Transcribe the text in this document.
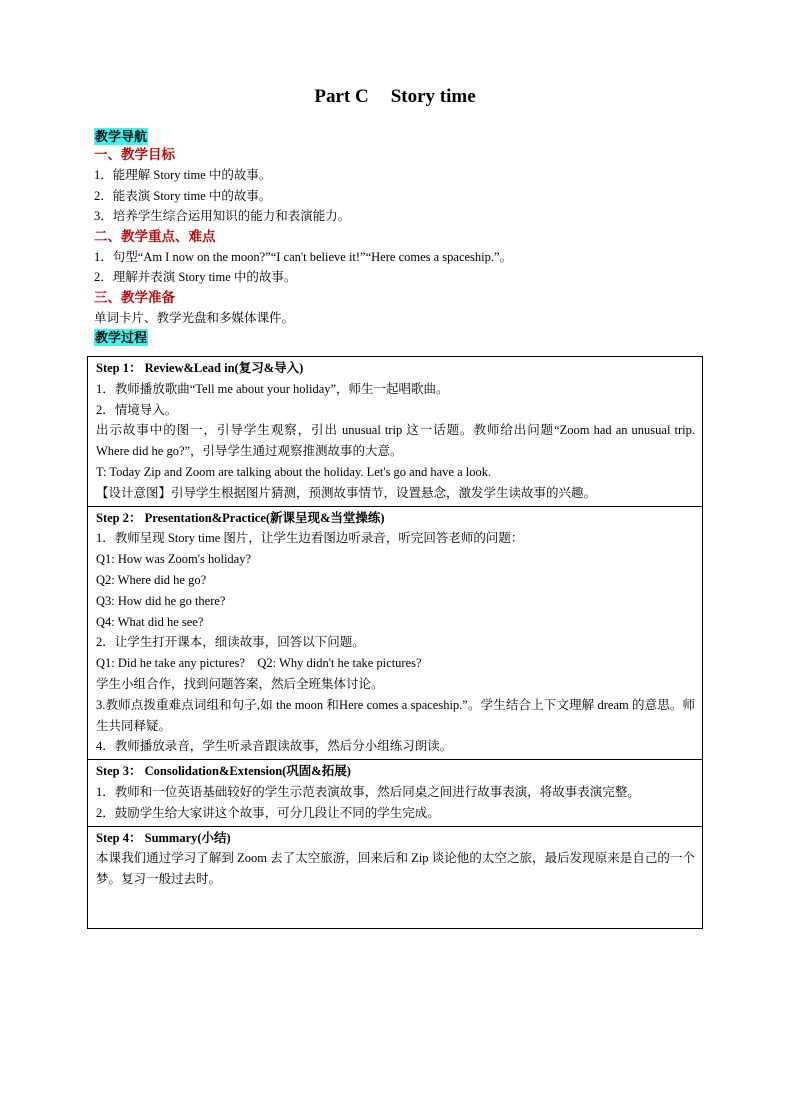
Part C Story time
教学导航
一、教学目标
1．能理解 Story time 中的故事。
2．能表演 Story time 中的故事。
3．培养学生综合运用知识的能力和表演能力。
二、教学重点、难点
1．句型“Am I now on the moon?”“I can't believe it!”“Here comes a spaceship.”。
2．理解并表演 Story time 中的故事。
三、教学准备
单词卡片、教学光盘和多媒体课件。
教学过程
Step 1： Review&Lead in(复习&导入)
1．教师播放歌曲“Tell me about your holiday”，师生一起唱歌曲。
2．情境导入。
出示故事中的图一，引导学生观察，引出 unusual trip 这一话题。教师给出问题“Zoom had an unusual trip. Where did he go?”，引导学生通过观察推测故事的大意。
T: Today Zip and Zoom are talking about the holiday. Let's go and have a look.
【设计意图】引导学生根据图片猜测，预测故事情节，设置悬念，激发学生读故事的兴趣。

Step 2： Presentation&Practice(新课呈现&当堂操练)
1．教师呈现 Story time 图片，让学生边看图边听录音，听完回答老师的问题：
Q1: How was Zoom's holiday?
Q2: Where did he go?
Q3: How did he go there?
Q4: What did he see?
2．让学生打开课本，细读故事，回答以下问题。
Q1: Did he take any pictures?    Q2: Why didn't he take pictures?
学生小组合作，找到问题答案，然后全班集体讨论。
3.教师点拨重难点词组和句子,如 the moon 和Here comes a spaceship.”。学生结合上下文理解 dream 的意思。师生共同释疑。
4．教师播放录音，学生听录音跟读故事，然后分小组练习朗读。

Step 3： Consolidation&Extension(巩固&拓展)
1．教师和一位英语基础较好的学生示范表演故事，然后同桌之间进行故事表演，将故事表演完整。
2．鼓励学生给大家讲这个故事，可分几段让不同的学生完成。

Step 4： Summary(小结)
本课我们通过学习了解到 Zoom 去了太空旅游，回来后和 Zip 谈论他的太空之旅，最后发现原来是自己的一个梦。复习一般过去时。
